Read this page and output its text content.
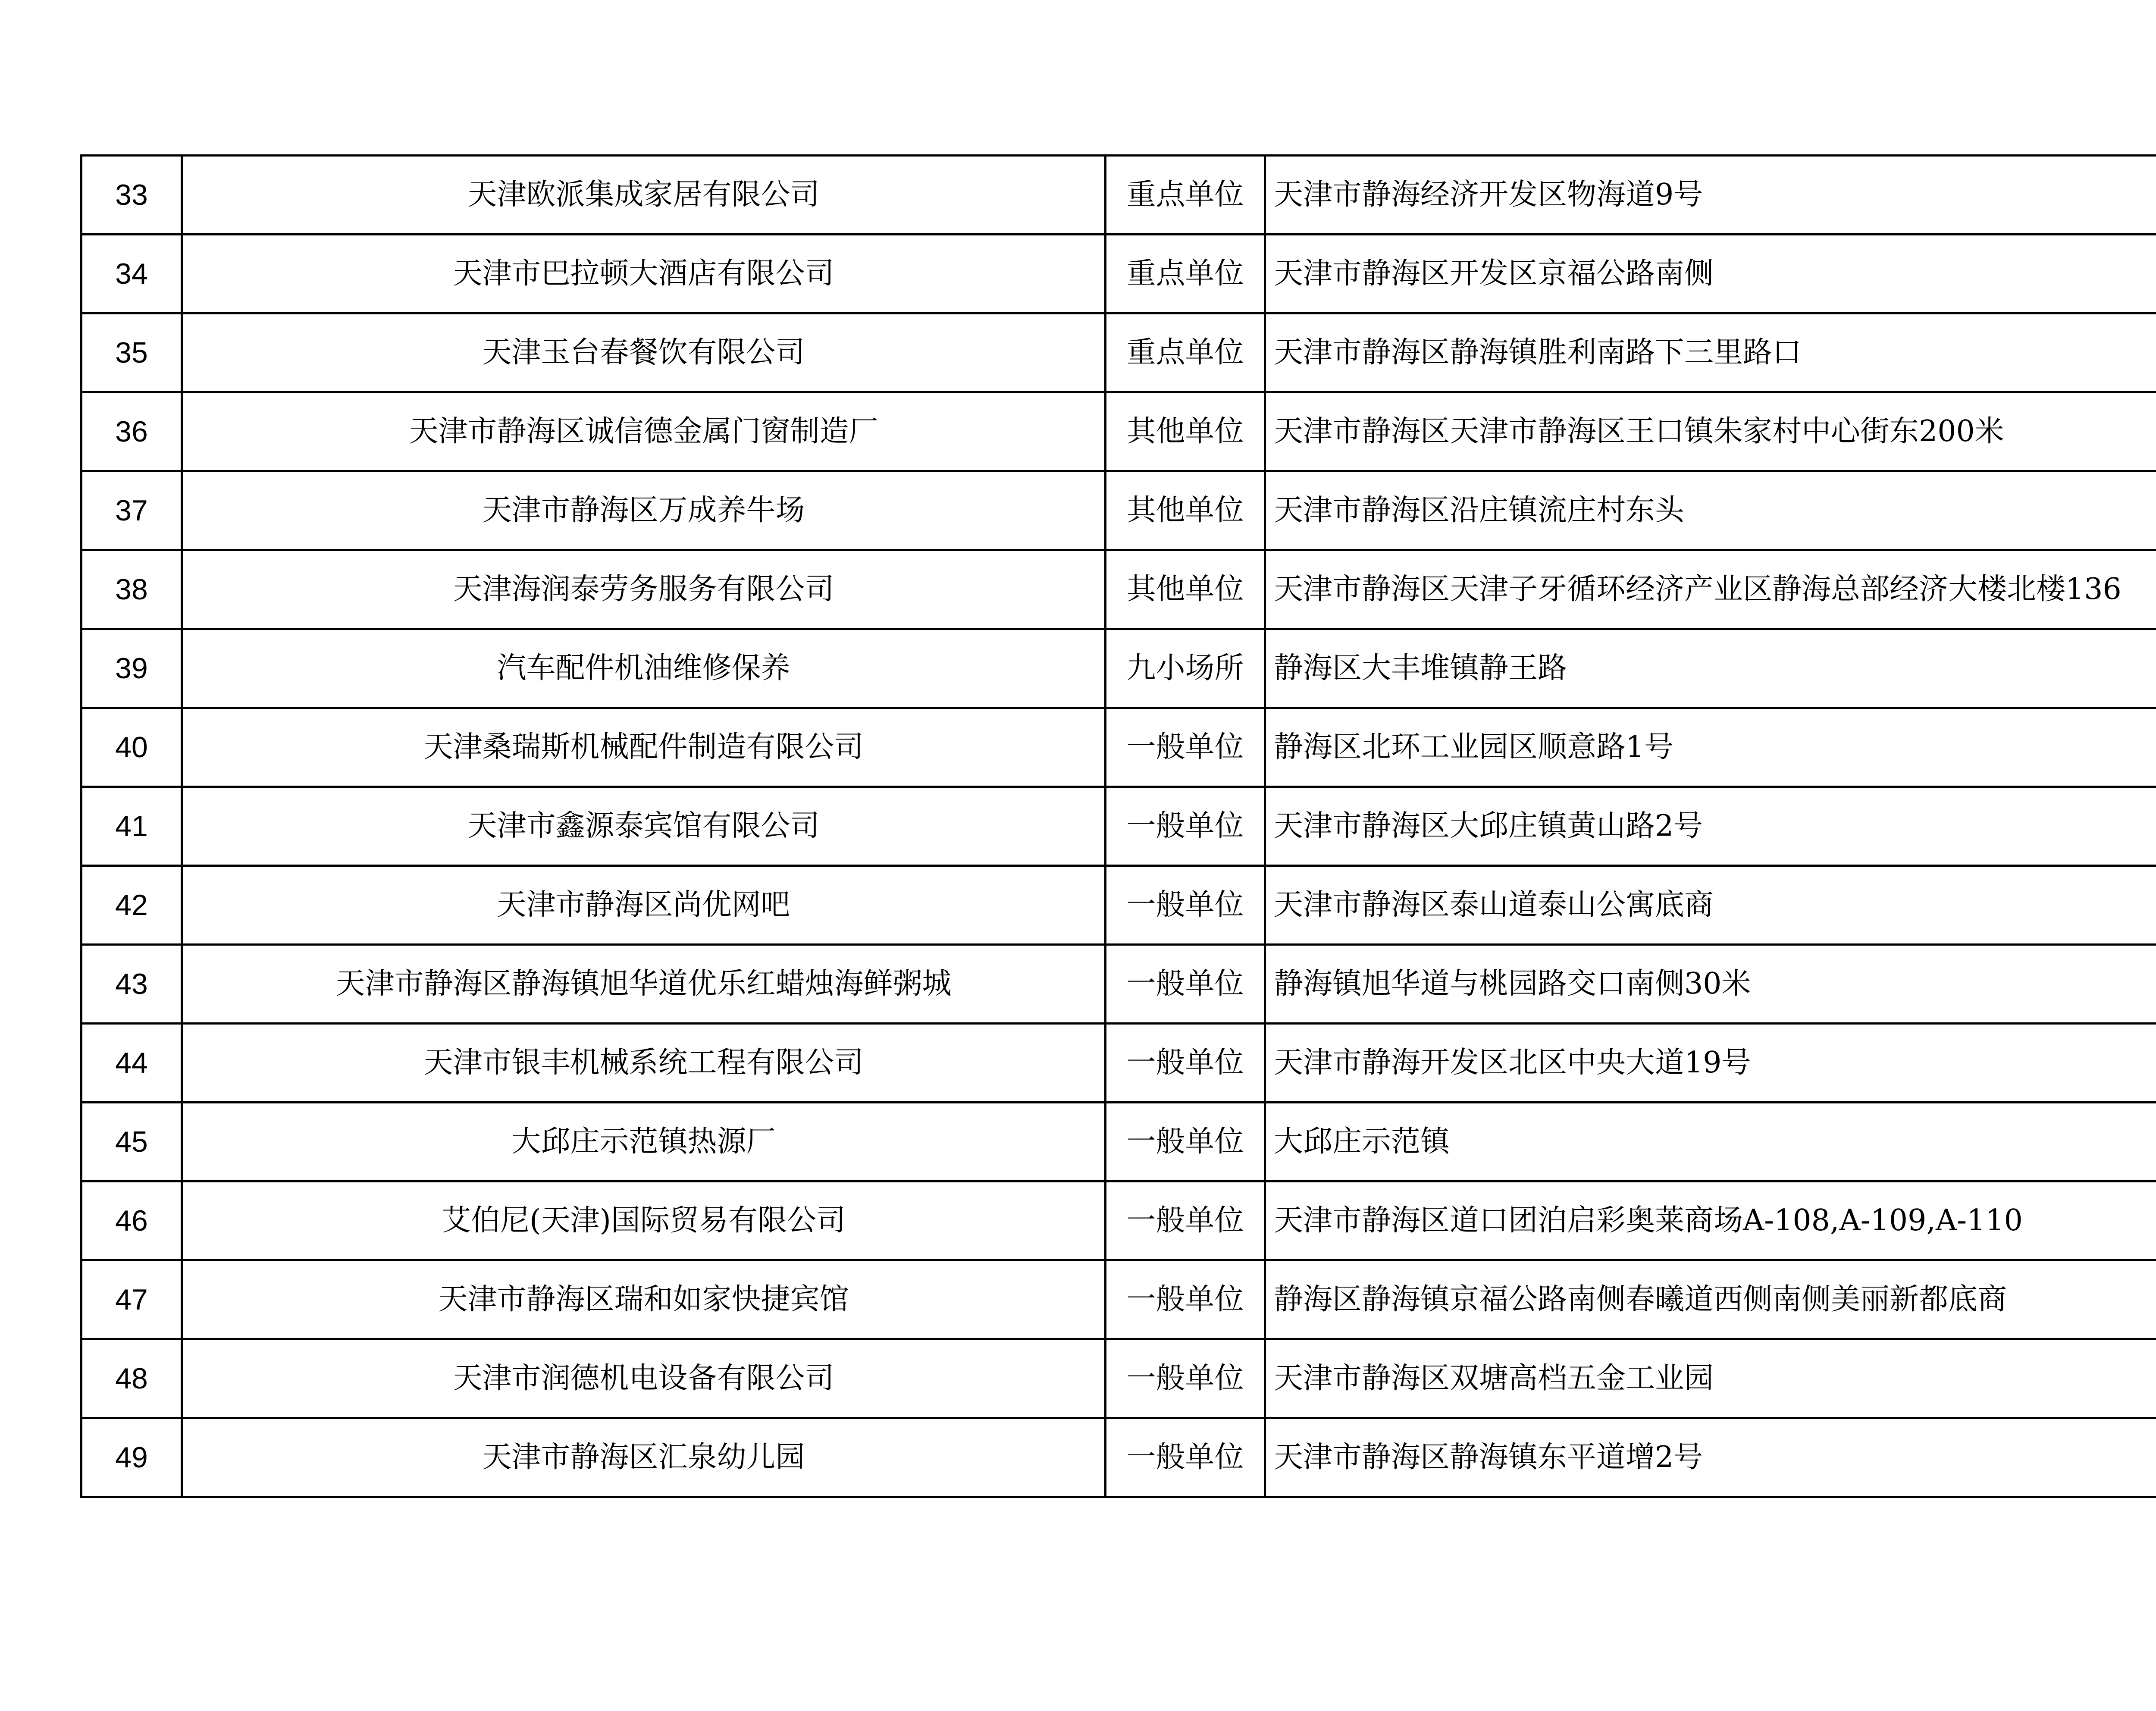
33	天津欧派集成家居有限公司	重点单位	天津市静海经济开发区物海道9号	
34	天津市巴拉顿大酒店有限公司	重点单位	天津市静海区开发区京福公路南侧	
35	天津玉台春餐饮有限公司	重点单位	天津市静海区静海镇胜利南路下三里路口	
36	天津市静海区诚信德金属门窗制造厂	其他单位	天津市静海区天津市静海区王口镇朱家村中心街东200米	
37	天津市静海区万成养牛场	其他单位	天津市静海区沿庄镇流庄村东头	
38	天津海润泰劳务服务有限公司	其他单位	天津市静海区天津子牙循环经济产业区静海总部经济大楼北楼136	
39	汽车配件机油维修保养	九小场所	静海区大丰堆镇静王路	
40	天津桑瑞斯机械配件制造有限公司	一般单位	静海区北环工业园区顺意路1号	
41	天津市鑫源泰宾馆有限公司	一般单位	天津市静海区大邱庄镇黄山路2号	
42	天津市静海区尚优网吧	一般单位	天津市静海区泰山道泰山公寓底商	
43	天津市静海区静海镇旭华道优乐红蜡烛海鲜粥城	一般单位	静海镇旭华道与桃园路交口南侧30米	
44	天津市银丰机械系统工程有限公司	一般单位	天津市静海开发区北区中央大道19号	
45	大邱庄示范镇热源厂	一般单位	大邱庄示范镇	
46	艾伯尼(天津)国际贸易有限公司	一般单位	天津市静海区道口团泊启彩奥莱商场A-108,A-109,A-110	
47	天津市静海区瑞和如家快捷宾馆	一般单位	静海区静海镇京福公路南侧春曦道西侧南侧美丽新都底商	
48	天津市润德机电设备有限公司	一般单位	天津市静海区双塘高档五金工业园	
49	天津市静海区汇泉幼儿园	一般单位	天津市静海区静海镇东平道增2号	
